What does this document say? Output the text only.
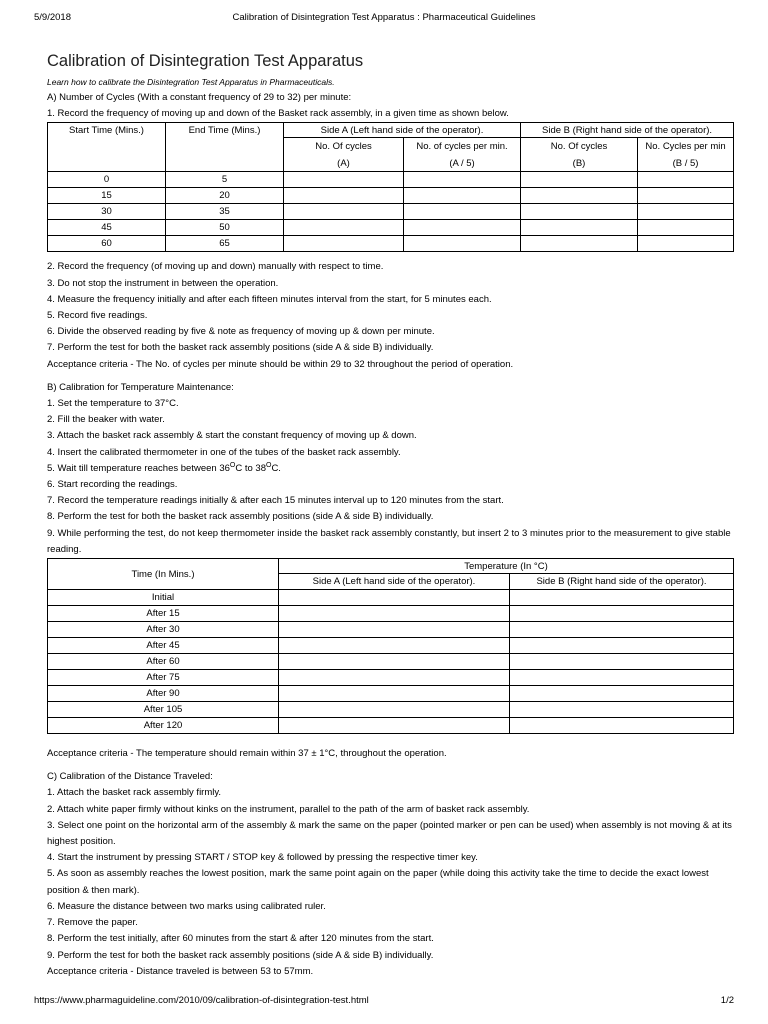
5/9/2018	Calibration of Disintegration Test Apparatus : Pharmaceutical Guidelines
Calibration of Disintegration Test Apparatus
Learn how to calibrate the Disintegration Test Apparatus in Pharmaceuticals.
A) Number of Cycles (With a constant frequency of 29 to 32) per minute:
1. Record the frequency of moving up and down of the Basket rack assembly, in a given time as shown below.
Start Time (Mins.)	End Time (Mins.)	Side A (Left hand side of the operator).		Side B (Right hand side of the operator).	
		No. Of cycles	No. of cycles per min.	No. Of cycles	No. Cycles per min
		(A)	(A / 5)	(B)	(B / 5)
0	5				
15	20				
30	35				
45	50				
60	65				
2. Record the frequency (of moving up and down) manually with respect to time.
3. Do not stop the instrument in between the operation.
4. Measure the frequency initially and after each fifteen minutes interval from the start, for 5 minutes each.
5. Record five readings.
6. Divide the observed reading by five & note as frequency of moving up & down per minute.
7. Perform the test for both the basket rack assembly positions (side A & side B) individually.
Acceptance criteria - The No. of cycles per minute should be within 29 to 32 throughout the period of operation.
B) Calibration for Temperature Maintenance:
1. Set the temperature to 37°C.
2. Fill the beaker with water.
3. Attach the basket rack assembly & start the constant frequency of moving up & down.
4. Insert the calibrated thermometer in one of the tubes of the basket rack assembly.
5. Wait till temperature reaches between $36^OC$ to $38^OC$.
6. Start recording the readings.
7. Record the temperature readings initially & after each 15 minutes interval up to 120 minutes from the start.
8. Perform the test for both the basket rack assembly positions (side A & side B) individually.
9. While performing the test, do not keep thermometer inside the basket rack assembly constantly, but insert 2 to 3 minutes prior to the measurement to give stable reading.
Time (In Mins.)	Temperature (In °C)	
	Side A (Left hand side of the operator).	Side B (Right hand side of the operator).
Initial		
After 15		
After 30		
After 45		
After 60		
After 75		
After 90		
After 105		
After 120		
Acceptance criteria - The temperature should remain within 37 ± 1°C, throughout the operation.
C) Calibration of the Distance Traveled:
1. Attach the basket rack assembly firmly.
2. Attach white paper firmly without kinks on the instrument, parallel to the path of the arm of basket rack assembly.
3. Select one point on the horizontal arm of the assembly & mark the same on the paper (pointed marker or pen can be used) when assembly is not moving & at its highest position.
4. Start the instrument by pressing START / STOP key & followed by pressing the respective timer key.
5. As soon as assembly reaches the lowest position, mark the same point again on the paper (while doing this activity take the time to decide the exact lowest position & then mark).
6. Measure the distance between two marks using calibrated ruler.
7. Remove the paper.
8. Perform the test initially, after 60 minutes from the start & after 120 minutes from the start.
9. Perform the test for both the basket rack assembly positions (side A & side B) individually.
Acceptance criteria - Distance traveled is between 53 to 57mm.
https://www.pharmaguideline.com/2010/09/calibration-of-disintegration-test.html	1/2
